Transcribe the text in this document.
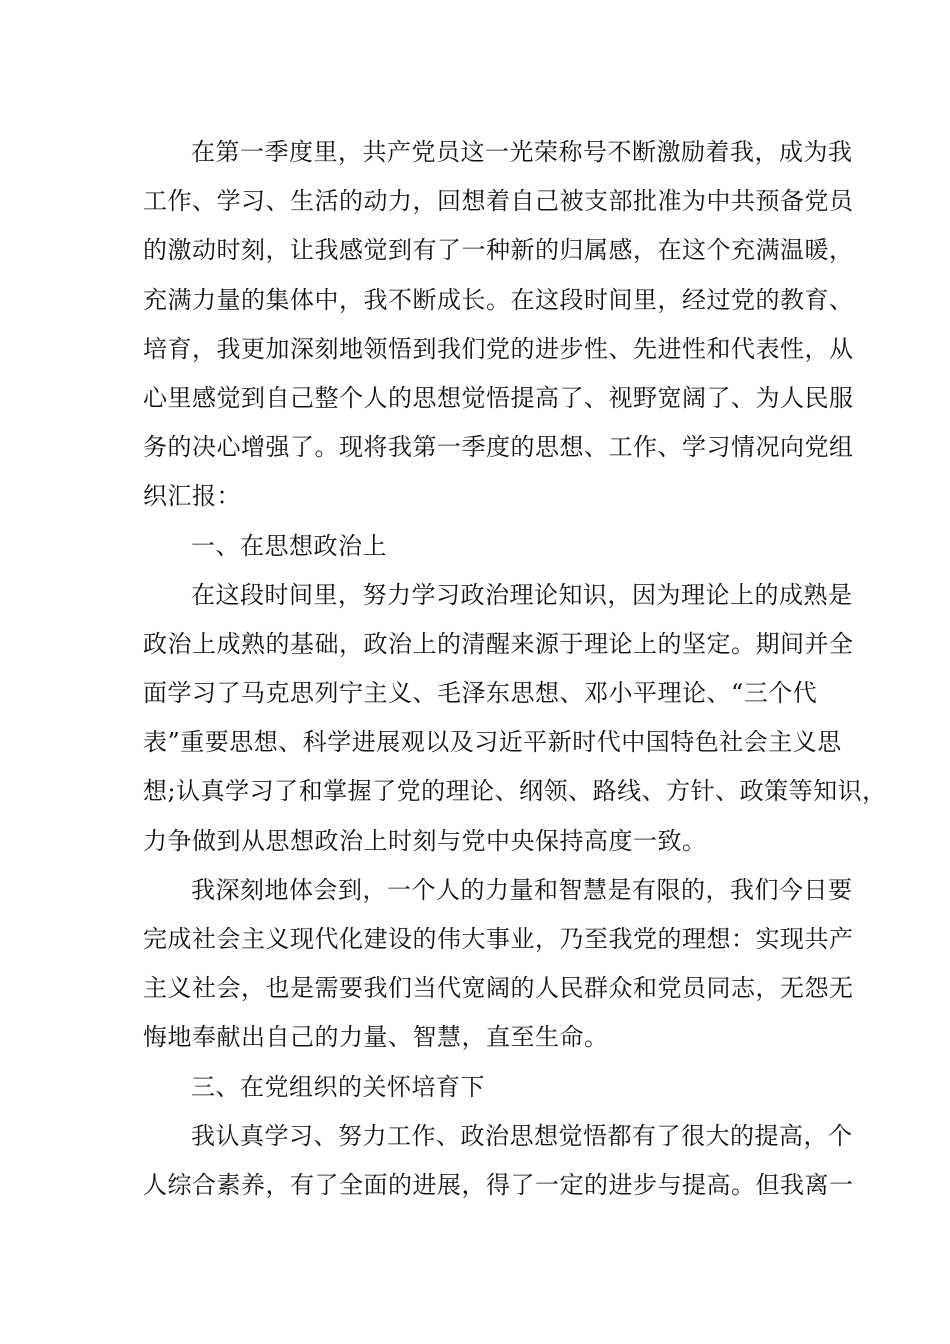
在第一季度里，共产党员这一光荣称号不断激励着我，成为我
工作、学习、生活的动力，回想着自己被支部批准为中共预备党员
的激动时刻，让我感觉到有了一种新的归属感，在这个充满温暖，
充满力量的集体中，我不断成长。在这段时间里，经过党的教育、
培育，我更加深刻地领悟到我们党的进步性、先进性和代表性，从
心里感觉到自己整个人的思想觉悟提高了、视野宽阔了、为人民服
务的决心增强了。现将我第一季度的思想、工作、学习情况向党组
织汇报：
一、在思想政治上
在这段时间里，努力学习政治理论知识，因为理论上的成熟是
政治上成熟的基础，政治上的清醒来源于理论上的坚定。期间并全
面学习了马克思列宁主义、毛泽东思想、邓小平理论、“三个代
表”重要思想、科学进展观以及习近平新时代中国特色社会主义思
想;认真学习了和掌握了党的理论、纲领、路线、方针、政策等知识，
力争做到从思想政治上时刻与党中央保持高度一致。
我深刻地体会到，一个人的力量和智慧是有限的，我们今日要
完成社会主义现代化建设的伟大事业，乃至我党的理想：实现共产
主义社会，也是需要我们当代宽阔的人民群众和党员同志，无怨无
悔地奉献出自己的力量、智慧，直至生命。
三、在党组织的关怀培育下
我认真学习、努力工作、政治思想觉悟都有了很大的提高，个
人综合素养，有了全面的进展，得了一定的进步与提高。但我离一
